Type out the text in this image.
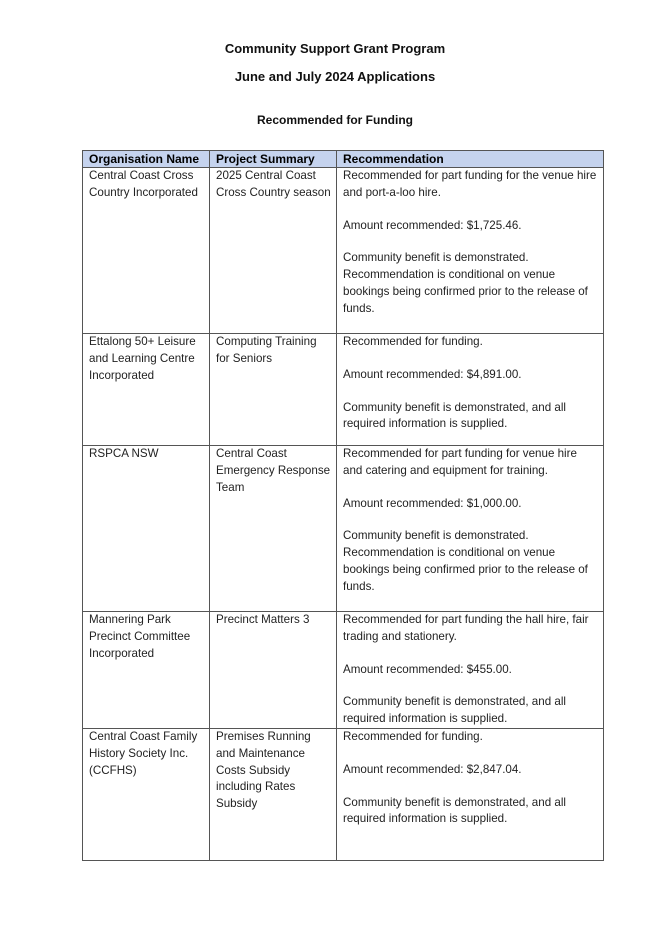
Community Support Grant Program
June and July 2024 Applications
Recommended for Funding
Organisation Name	Project Summary	Recommendation
Central Coast Cross Country Incorporated	2025 Central Coast Cross Country season	Recommended for part funding for the venue hire and port-a-loo hire.

Amount recommended: $1,725.46.

Community benefit is demonstrated. Recommendation is conditional on venue bookings being confirmed prior to the release of funds.

Ettalong 50+ Leisure and Learning Centre Incorporated	Computing Training for Seniors	Recommended for funding.

Amount recommended: $4,891.00.

Community benefit is demonstrated, and all required information is supplied.

RSPCA NSW	Central Coast Emergency Response Team	Recommended for part funding for venue hire and catering and equipment for training.

Amount recommended: $1,000.00.

Community benefit is demonstrated. Recommendation is conditional on venue bookings being confirmed prior to the release of funds.

Mannering Park Precinct Committee Incorporated	Precinct Matters 3	Recommended for part funding the hall hire, fair trading and stationery.

Amount recommended: $455.00.

Community benefit is demonstrated, and all required information is supplied.

Central Coast Family History Society Inc. (CCFHS)	Premises Running and Maintenance Costs Subsidy including Rates Subsidy	Recommended for funding.

Amount recommended: $2,847.04.

Community benefit is demonstrated, and all required information is supplied.
